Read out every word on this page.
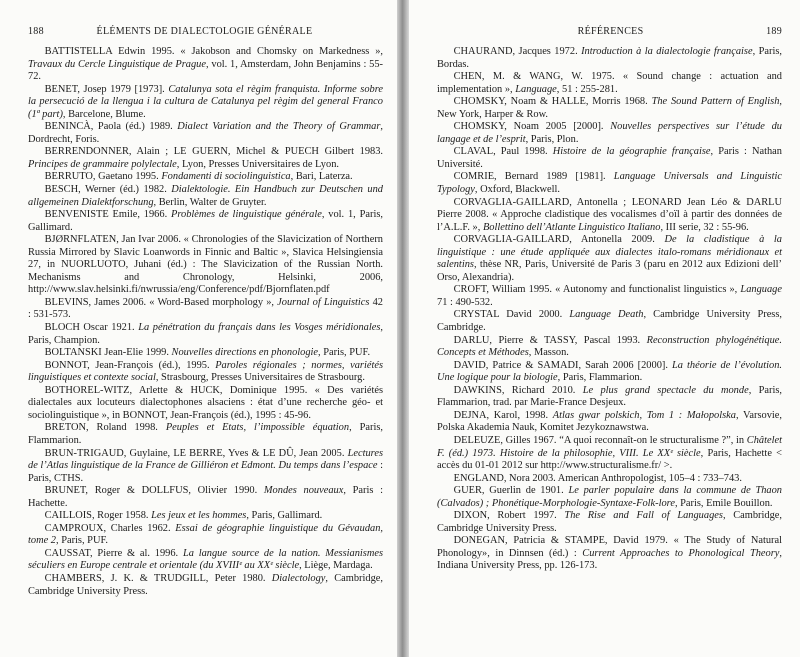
188	ÉLÉMENTS DE DIALECTOLOGIE GÉNÉRALE

BATTISTELLA Edwin 1995. « Jakobson and Chomsky on Markedness », Travaux du Cercle Linguistique de Prague, vol. 1, Amsterdam, John Benjamins : 55-72.

BENET, Josep 1979 [1973]. Catalunya sota el règim franquista. Informe sobre la persecució de la llengua i la cultura de Catalunya pel règim del general Franco (1ª part), Barcelone, Blume.

BENINCÀ, Paola (éd.) 1989. Dialect Variation and the Theory of Grammar, Dordrecht, Foris.

BERRENDONNER, Alain ; LE GUERN, Michel & PUECH Gilbert 1983. Principes de grammaire polylectale, Lyon, Presses Universitaires de Lyon.

BERRUTO, Gaetano 1995. Fondamenti di sociolinguistica, Bari, Laterza.

BESCH, Werner (éd.) 1982. Dialektologie. Ein Handbuch zur Deutschen und allgemeinen Dialektforschung, Berlin, Walter de Gruyter.

BENVENISTE Emile, 1966. Problèmes de linguistique générale, vol. 1, Paris, Gallimard.

BJØRNFLATEN, Jan Ivar 2006. « Chronologies of the Slavicization of Northern Russia Mirrored by Slavic Loanwords in Finnic and Baltic », Slavica Helsingiensia 27, in NUORLUOTO, Juhani (éd.) : The Slavicization of the Russian North. Mechanisms and Chronology, Helsinki, 2006, http://www.slav.helsinki.fi/nwrussia/eng/Conference/pdf/Bjornflaten.pdf

BLEVINS, James 2006. « Word-Based morphology », Journal of Linguistics 42 : 531-573.

BLOCH Oscar 1921. La pénétration du français dans les Vosges méridionales, Paris, Champion.

BOLTANSKI Jean-Elie 1999. Nouvelles directions en phonologie, Paris, PUF.

BONNOT, Jean-François (éd.), 1995. Paroles régionales ; normes, variétés linguistiques et contexte social, Strasbourg, Presses Universitaires de Strasbourg.

BOTHOREL-WITZ, Arlette & HUCK, Dominique 1995. « Des variétés dialectales aux locuteurs dialectophones alsaciens : état d’une recherche géo- et sociolinguistique », in BONNOT, Jean-François (éd.), 1995 : 45-96.

BRETON, Roland 1998. Peuples et Etats, l’impossible équation, Paris, Flammarion.

BRUN-TRIGAUD, Guylaine, LE BERRE, Yves & LE DÛ, Jean 2005. Lectures de l’Atlas linguistique de la France de Gilliéron et Edmont. Du temps dans l’espace : Paris, CTHS.

BRUNET, Roger & DOLLFUS, Olivier 1990. Mondes nouveaux, Paris : Hachette.

CAILLOIS, Roger 1958. Les jeux et les hommes, Paris, Gallimard.

CAMPROUX, Charles 1962. Essai de géographie linguistique du Gévaudan, tome 2, Paris, PUF.

CAUSSAT, Pierre & al. 1996. La langue source de la nation. Messianismes séculiers en Europe centrale et orientale (du XVIIIᵉ au XXᵉ siècle, Liège, Mardaga.

CHAMBERS, J. K. & TRUDGILL, Peter 1980. Dialectology, Cambridge, Cambridge University Press.

RÉFÉRENCES	189

CHAURAND, Jacques 1972. Introduction à la dialectologie française, Paris, Bordas.

CHEN, M. & WANG, W. 1975. « Sound change : actuation and implementation », Language, 51 : 255-281.

CHOMSKY, Noam & HALLE, Morris 1968. The Sound Pattern of English, New York, Harper & Row.

CHOMSKY, Noam 2005 [2000]. Nouvelles perspectives sur l’étude du langage et de l’esprit, Paris, Plon.

CLAVAL, Paul 1998. Histoire de la géographie française, Paris : Nathan Université.

COMRIE, Bernard 1989 [1981]. Language Universals and Linguistic Typology, Oxford, Blackwell.

CORVAGLIA-GAILLARD, Antonella ; LEONARD Jean Léo & DARLU Pierre 2008. « Approche cladistique des vocalismes d’oïl à partir des données de l’A.L.F. », Bollettino dell’Atlante Linguistico Italiano, III serie, 32 : 55-96.

CORVAGLIA-GAILLARD, Antonella 2009. De la cladistique à la linguistique : une étude appliquée aux dialectes italo-romans méridionaux et salentins, thèse NR, Paris, Université de Paris 3 (paru en 2012 aux Edizioni dell’ Orso, Alexandria).

CROFT, William 1995. « Autonomy and functionalist linguistics », Language 71 : 490-532.

CRYSTAL David 2000. Language Death, Cambridge University Press, Cambridge.

DARLU, Pierre & TASSY, Pascal 1993. Reconstruction phylogénétique. Concepts et Méthodes, Masson.

DAVID, Patrice & SAMADI, Sarah 2006 [2000]. La théorie de l’évolution. Une logique pour la biologie, Paris, Flammarion.

DAWKINS, Richard 2010. Le plus grand spectacle du monde, Paris, Flammarion, trad. par Marie-France Desjeux.

DEJNA, Karol, 1998. Atlas gwar polskich, Tom 1 : Małopolska, Varsovie, Polska Akademia Nauk, Komitet Jezykoznawstwa.

DELEUZE, Gilles 1967. “A quoi reconnaît-on le structuralisme ?”, in Châtelet F. (éd.) 1973. Histoire de la philosophie, VIII. Le XXᵉ siècle, Paris, Hachette < accès du 01-01 2012 sur http://www.structuralisme.fr/ >.

ENGLAND, Nora 2003. American Anthropologist, 105–4 : 733–743.

GUER, Guerlin de 1901. Le parler populaire dans la commune de Thaon (Calvados) ; Phonétique-Morphologie-Syntaxe-Folk-lore, Paris, Emile Bouillon.

DIXON, Robert 1997. The Rise and Fall of Languages, Cambridge, Cambridge University Press.

DONEGAN, Patricia & STAMPE, David 1979. « The Study of Natural Phonology», in Dinnsen (éd.) : Current Approaches to Phonological Theory, Indiana University Press, pp. 126-173.
